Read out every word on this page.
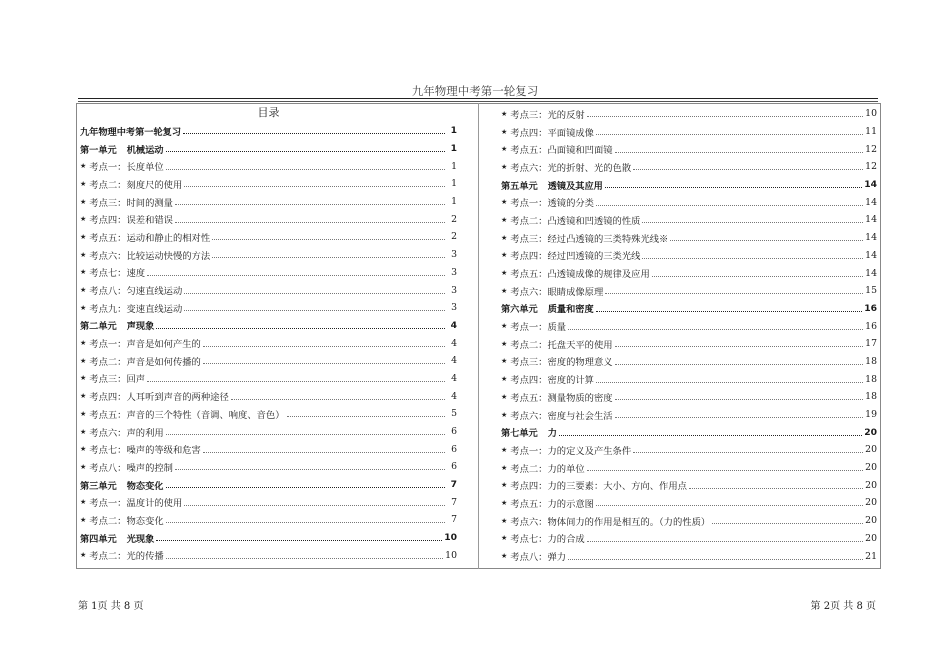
九年物理中考第一轮复习
目录
九年物理中考第一轮复习	1
第一单元 机械运动	1
★ 考点一：长度单位	1
★ 考点二：刻度尺的使用	1
★ 考点三：时间的测量	1
★ 考点四：误差和错误	2
★ 考点五：运动和静止的相对性	2
★ 考点六：比较运动快慢的方法	3
★ 考点七：速度	3
★ 考点八：匀速直线运动	3
★ 考点九：变速直线运动	3
第二单元 声现象	4
★ 考点一：声音是如何产生的	4
★ 考点二：声音是如何传播的	4
★ 考点三：回声	4
★ 考点四：人耳听到声音的两种途径	4
★ 考点五：声音的三个特性（音调、响度、音色）	5
★ 考点六：声的利用	6
★ 考点七：噪声的等级和危害	6
★ 考点八：噪声的控制	6
第三单元 物态变化	7
★ 考点一：温度计的使用	7
★ 考点二：物态变化	7
第四单元 光现象	10
★ 考点二：光的传播	10
★ 考点三：光的反射	10
★ 考点四：平面镜成像	11
★ 考点五：凸面镜和凹面镜	12
★ 考点六：光的折射、光的色散	12
第五单元 透镜及其应用	14
★ 考点一：透镜的分类	14
★ 考点二：凸透镜和凹透镜的性质	14
★ 考点三：经过凸透镜的三类特殊光线※	14
★ 考点四：经过凹透镜的三类光线	14
★ 考点五：凸透镜成像的规律及应用	14
★ 考点六：眼睛成像原理	15
第六单元 质量和密度	16
★ 考点一：质量	16
★ 考点二：托盘天平的使用	17
★ 考点三：密度的物理意义	18
★ 考点四：密度的计算	18
★ 考点五：测量物质的密度	18
★ 考点六：密度与社会生活	19
第七单元 力	20
★ 考点一：力的定义及产生条件	20
★ 考点二：力的单位	20
★ 考点四：力的三要素：大小、方向、作用点	20
★ 考点五：力的示意图	20
★ 考点六：物体间力的作用是相互的。（力的性质）	20
★ 考点七：力的合成	20
★ 考点八：弹力	21
第 1页 共 8 页	第 2页 共 8 页
